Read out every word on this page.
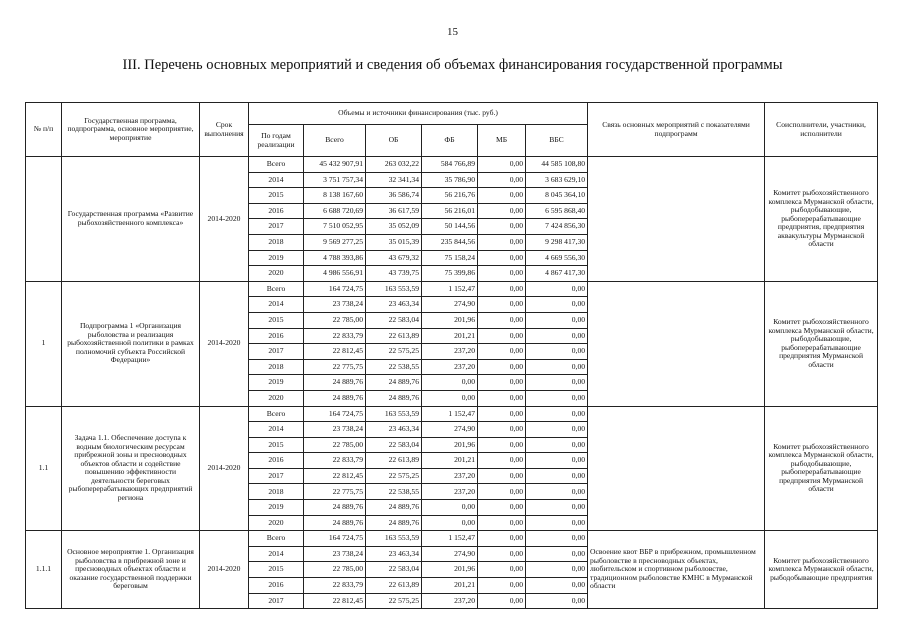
15
III. Перечень основных мероприятий и сведения об объемах финансирования государственной программы
№ п/п	Государственная программа, подпрограмма, основное мероприятие, мероприятие	Срок выполнения	Объемы и источники финансирования (тыс. руб.)						Связь основных мероприятий с показателями подпрограмм	Соисполнители, участники, исполнители
			По годам реализации	Всего	ОБ	ФБ	МБ	ВБС		
	Государственная программа «Развитие рыбохозяйственного комплекса»	2014-2020	Всего	45 432 907,91	263 032,22	584 766,89	0,00	44 585 108,80		Комитет рыбохозяйственного комплекса Мурманской области, рыбодобывающие, рыбоперерабатывающие предприятия, предприятия аквакультуры Мурманской области
			2014	3 751 757,34	32 341,34	35 786,90	0,00	3 683 629,10		
			2015	8 138 167,60	36 586,74	56 216,76	0,00	8 045 364,10		
			2016	6 688 720,69	36 617,59	56 216,01	0,00	6 595 868,40		
			2017	7 510 052,95	35 052,09	50 144,56	0,00	7 424 856,30		
			2018	9 569 277,25	35 015,39	235 844,56	0,00	9 298 417,30		
			2019	4 788 393,86	43 679,32	75 158,24	0,00	4 669 556,30		
			2020	4 986 556,91	43 739,75	75 399,86	0,00	4 867 417,30		
1	Подпрограмма 1 «Организация рыболовства и реализация рыбохозяйственной политики в рамках полномочий субъекта Российской Федерации»	2014-2020	Всего	164 724,75	163 553,59	1 152,47	0,00	0,00		Комитет рыбохозяйственного комплекса Мурманской области, рыбодобывающие, рыбоперерабатывающие предприятия Мурманской области
			2014	23 738,24	23 463,34	274,90	0,00	0,00		
			2015	22 785,00	22 583,04	201,96	0,00	0,00		
			2016	22 833,79	22 613,89	201,21	0,00	0,00		
			2017	22 812,45	22 575,25	237,20	0,00	0,00		
			2018	22 775,75	22 538,55	237,20	0,00	0,00		
			2019	24 889,76	24 889,76	0,00	0,00	0,00		
			2020	24 889,76	24 889,76	0,00	0,00	0,00		
1.1	Задача 1.1. Обеспечение доступа к водным биологическим ресурсам прибрежной зоны и пресноводных объектов области и содействие повышению эффективности деятельности береговых рыбоперерабатывающих предприятий региона	2014-2020	Всего	164 724,75	163 553,59	1 152,47	0,00	0,00		Комитет рыбохозяйственного комплекса Мурманской области, рыбодобывающие, рыбоперерабатывающие предприятия Мурманской области
			2014	23 738,24	23 463,34	274,90	0,00	0,00		
			2015	22 785,00	22 583,04	201,96	0,00	0,00		
			2016	22 833,79	22 613,89	201,21	0,00	0,00		
			2017	22 812,45	22 575,25	237,20	0,00	0,00		
			2018	22 775,75	22 538,55	237,20	0,00	0,00		
			2019	24 889,76	24 889,76	0,00	0,00	0,00		
			2020	24 889,76	24 889,76	0,00	0,00	0,00		
1.1.1	Основное мероприятие 1. Организация рыболовства в прибрежной зоне и пресноводных объектах области и оказание государственной поддержки береговым	2014-2020	Всего	164 724,75	163 553,59	1 152,47	0,00	0,00	Освоение квот ВБР в прибрежном, промышленном рыболовстве в пресноводных объектах, любительском и спортивном рыболовстве, традиционном рыболовстве КМНС в Мурманской области	Комитет рыбохозяйственного комплекса Мурманской области, рыбодобывающие предприятия
			2014	23 738,24	23 463,34	274,90	0,00	0,00		
			2015	22 785,00	22 583,04	201,96	0,00	0,00		
			2016	22 833,79	22 613,89	201,21	0,00	0,00		
			2017	22 812,45	22 575,25	237,20	0,00	0,00		
